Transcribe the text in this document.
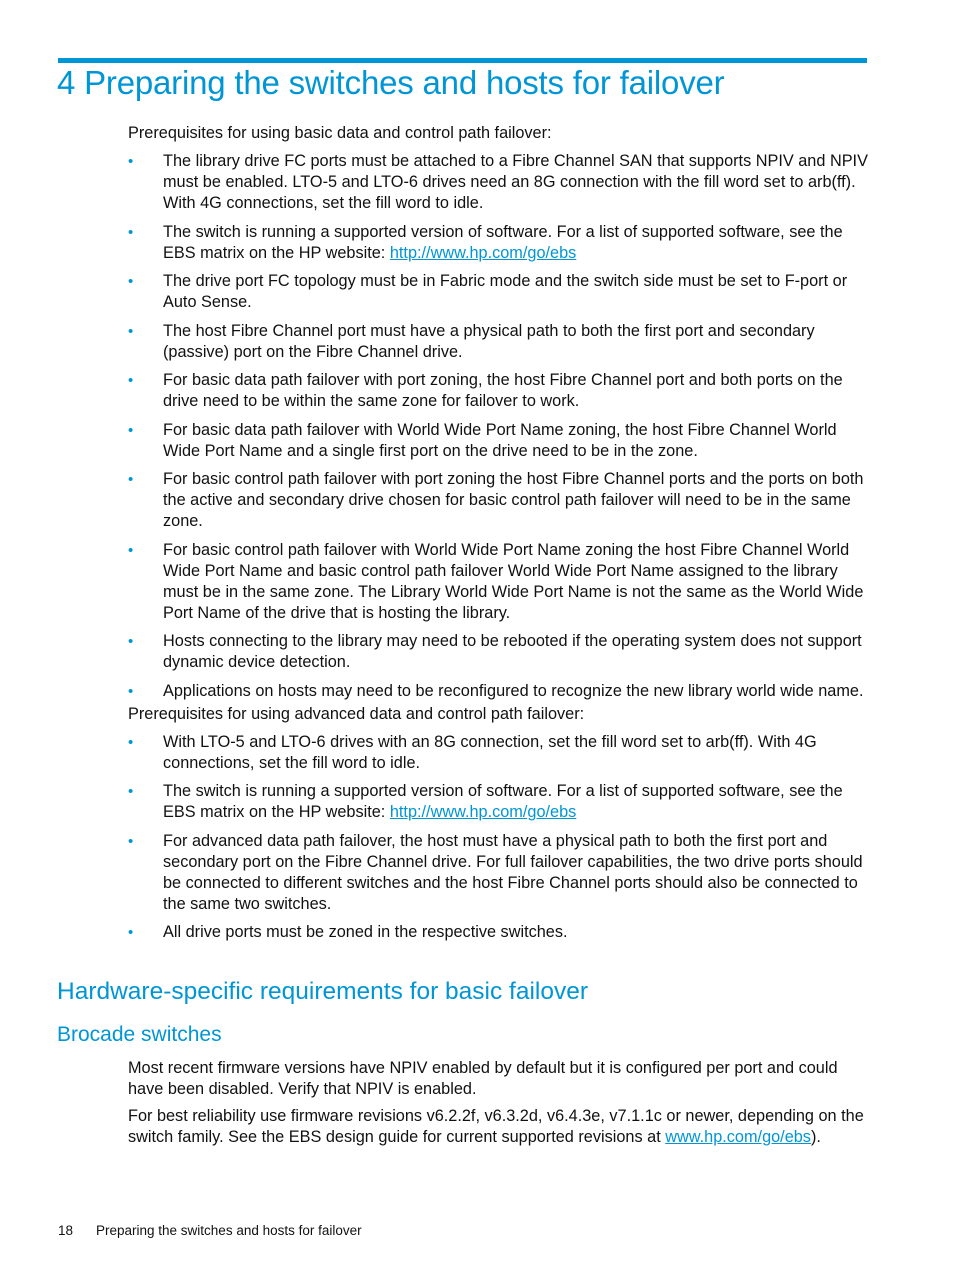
4 Preparing the switches and hosts for failover

Prerequisites for using basic data and control path failover:

• The library drive FC ports must be attached to a Fibre Channel SAN that supports NPIV and NPIV must be enabled. LTO-5 and LTO-6 drives need an 8G connection with the fill word set to arb(ff). With 4G connections, set the fill word to idle.
• The switch is running a supported version of software. For a list of supported software, see the EBS matrix on the HP website: http://www.hp.com/go/ebs
• The drive port FC topology must be in Fabric mode and the switch side must be set to F-port or Auto Sense.
• The host Fibre Channel port must have a physical path to both the first port and secondary (passive) port on the Fibre Channel drive.
• For basic data path failover with port zoning, the host Fibre Channel port and both ports on the drive need to be within the same zone for failover to work.
• For basic data path failover with World Wide Port Name zoning, the host Fibre Channel World Wide Port Name and a single first port on the drive need to be in the zone.
• For basic control path failover with port zoning the host Fibre Channel ports and the ports on both the active and secondary drive chosen for basic control path failover will need to be in the same zone.
• For basic control path failover with World Wide Port Name zoning the host Fibre Channel World Wide Port Name and basic control path failover World Wide Port Name assigned to the library must be in the same zone. The Library World Wide Port Name is not the same as the World Wide Port Name of the drive that is hosting the library.
• Hosts connecting to the library may need to be rebooted if the operating system does not support dynamic device detection.
• Applications on hosts may need to be reconfigured to recognize the new library world wide name.

Prerequisites for using advanced data and control path failover:

• With LTO-5 and LTO-6 drives with an 8G connection, set the fill word set to arb(ff). With 4G connections, set the fill word to idle.
• The switch is running a supported version of software. For a list of supported software, see the EBS matrix on the HP website: http://www.hp.com/go/ebs
• For advanced data path failover, the host must have a physical path to both the first port and secondary port on the Fibre Channel drive. For full failover capabilities, the two drive ports should be connected to different switches and the host Fibre Channel ports should also be connected to the same two switches.
• All drive ports must be zoned in the respective switches.
Hardware-specific requirements for basic failover
Brocade switches

Most recent firmware versions have NPIV enabled by default but it is configured per port and could have been disabled. Verify that NPIV is enabled.

For best reliability use firmware revisions v6.2.2f, v6.3.2d, v6.4.3e, v7.1.1c or newer, depending on the switch family. See the EBS design guide for current supported revisions at www.hp.com/go/ebs).

18 Preparing the switches and hosts for failover
